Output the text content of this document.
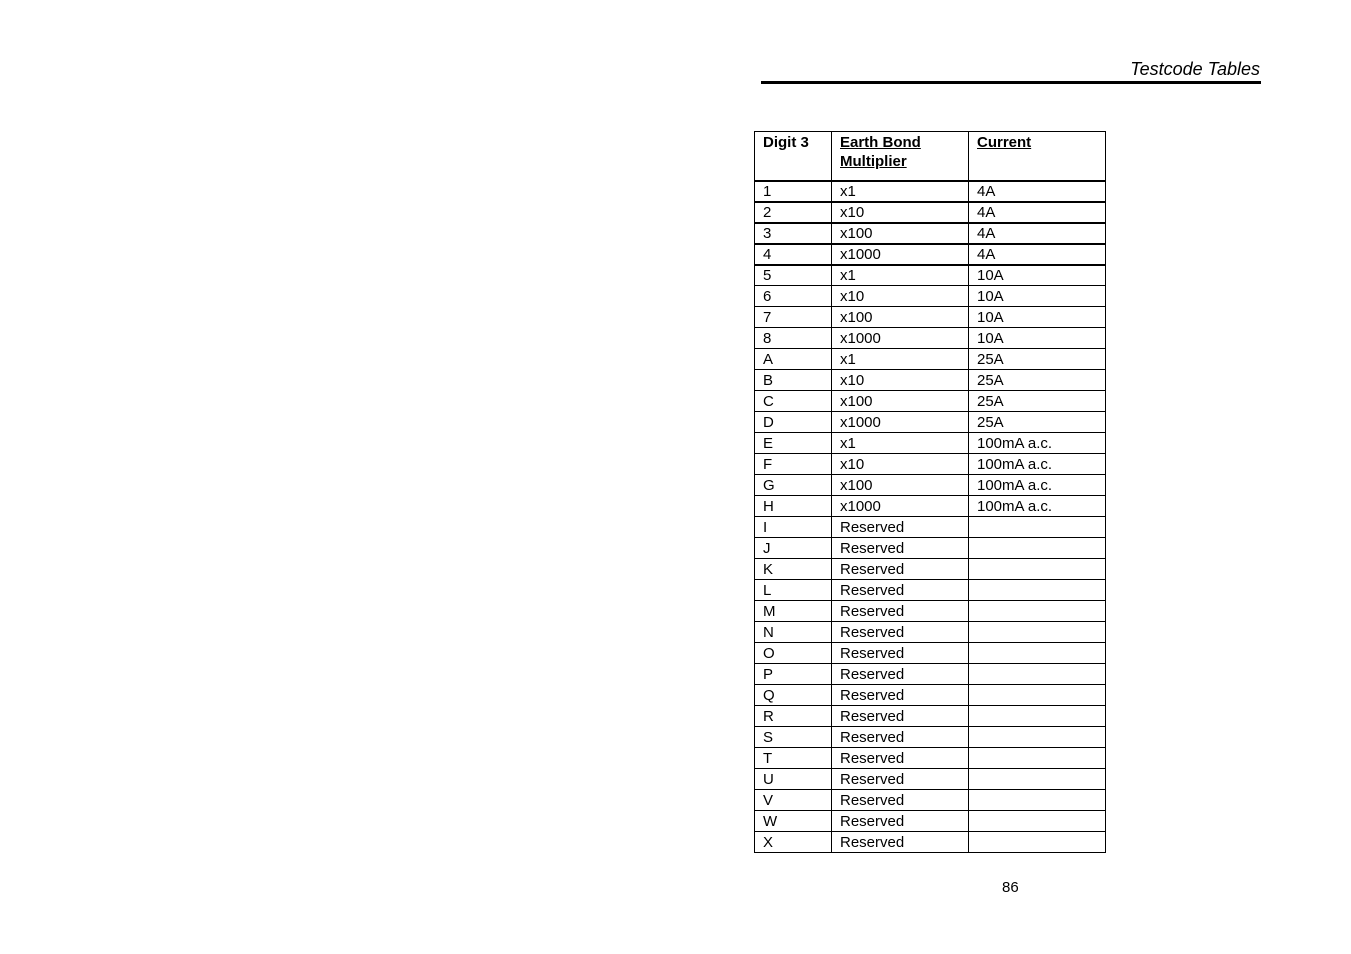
Testcode Tables
Digit 3	Earth Bond Multiplier	Current
1	x1	4A
2	x10	4A
3	x100	4A
4	x1000	4A
5	x1	10A
6	x10	10A
7	x100	10A
8	x1000	10A
A	x1	25A
B	x10	25A
C	x100	25A
D	x1000	25A
E	x1	100mA a.c.
F	x10	100mA a.c.
G	x100	100mA a.c.
H	x1000	100mA a.c.
I	Reserved	
J	Reserved	
K	Reserved	
L	Reserved	
M	Reserved	
N	Reserved	
O	Reserved	
P	Reserved	
Q	Reserved	
R	Reserved	
S	Reserved	
T	Reserved	
U	Reserved	
V	Reserved	
W	Reserved	
X	Reserved	
86
